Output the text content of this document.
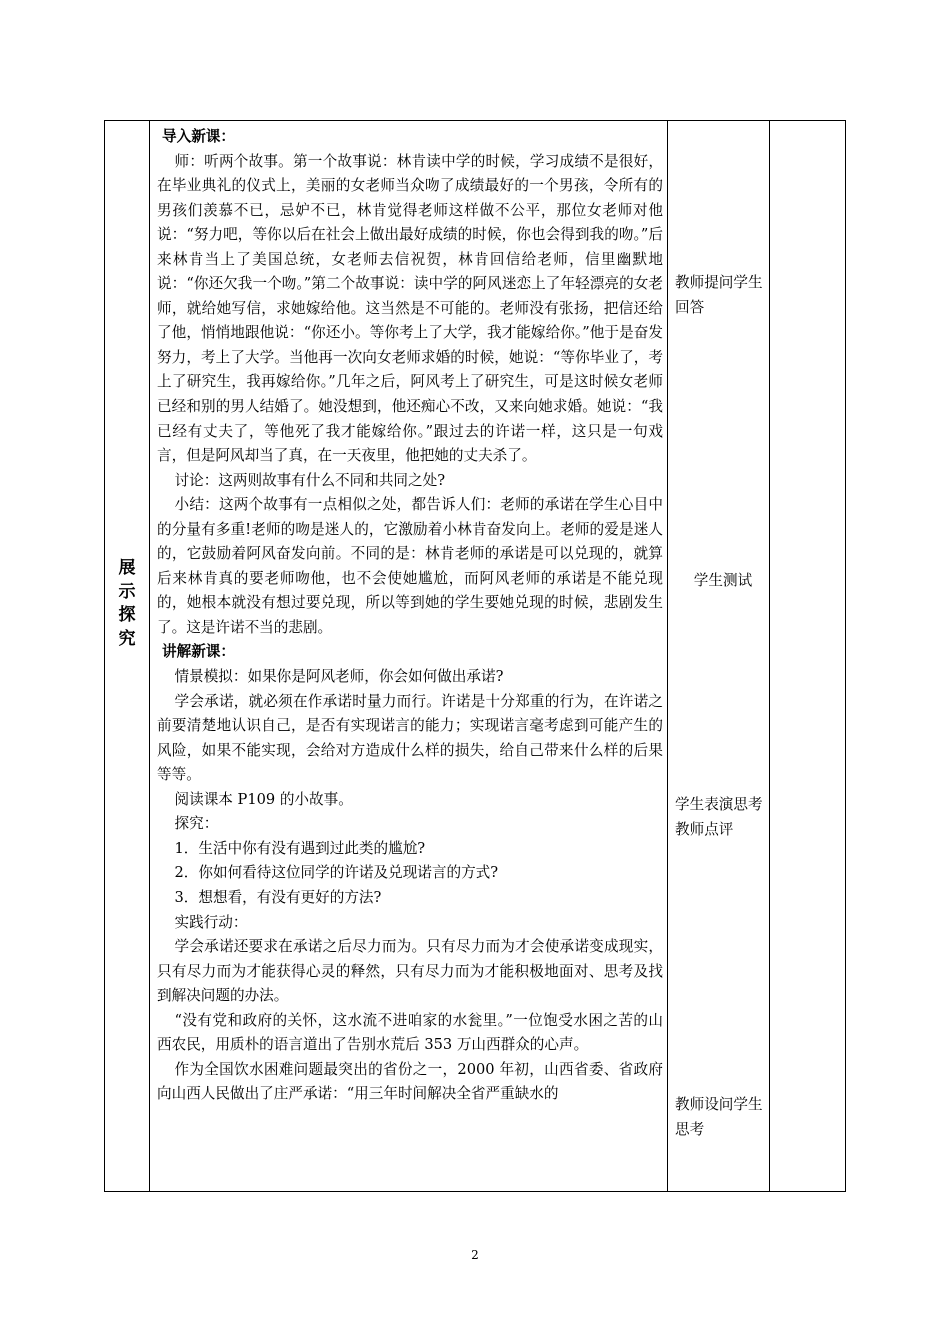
展
示
探
究

导入新课：

师：听两个故事。第一个故事说：林肯读中学的时候，学习成绩不是很好，在毕业典礼的仪式上，美丽的女老师当众吻了成绩最好的一个男孩，令所有的男孩们羡慕不已，忌妒不已，林肯觉得老师这样做不公平，那位女老师对他说：“努力吧，等你以后在社会上做出最好成绩的时候，你也会得到我的吻。”后来林肯当上了美国总统，女老师去信祝贺，林肯回信给老师，信里幽默地说：“你还欠我一个吻。”第二个故事说：读中学的阿风迷恋上了年轻漂亮的女老师，就给她写信，求她嫁给他。这当然是不可能的。老师没有张扬，把信还给了他，悄悄地跟他说：“你还小。等你考上了大学，我才能嫁给你。”他于是奋发努力，考上了大学。当他再一次向女老师求婚的时候，她说：“等你毕业了，考上了研究生，我再嫁给你。”几年之后，阿风考上了研究生，可是这时候女老师已经和别的男人结婚了。她没想到，他还痴心不改，又来向她求婚。她说：“我已经有丈夫了，等他死了我才能嫁给你。”跟过去的许诺一样，这只是一句戏言，但是阿风却当了真，在一天夜里，他把她的丈夫杀了。

讨论：这两则故事有什么不同和共同之处?

小结：这两个故事有一点相似之处，都告诉人们：老师的承诺在学生心目中的分量有多重!老师的吻是迷人的，它激励着小林肯奋发向上。老师的爱是迷人的，它鼓励着阿风奋发向前。不同的是：林肯老师的承诺是可以兑现的，就算后来林肯真的要老师吻他，也不会使她尴尬，而阿风老师的承诺是不能兑现的，她根本就没有想过要兑现，所以等到她的学生要她兑现的时候，悲剧发生了。这是许诺不当的悲剧。

讲解新课：

情景模拟：如果你是阿风老师，你会如何做出承诺?

学会承诺，就必须在作承诺时量力而行。许诺是十分郑重的行为，在许诺之前要清楚地认识自己，是否有实现诺言的能力；实现诺言毫考虑到可能产生的风险，如果不能实现，会给对方造成什么样的损失，给自己带来什么样的后果等等。

阅读课本 P109 的小故事。

探究：

1．生活中你有没有遇到过此类的尴尬?

2．你如何看待这位同学的许诺及兑现诺言的方式?

3．想想看，有没有更好的方法?

实践行动：

学会承诺还要求在承诺之后尽力而为。只有尽力而为才会使承诺变成现实，只有尽力而为才能获得心灵的释然，只有尽力而为才能积极地面对、思考及找到解决问题的办法。

“没有党和政府的关怀，这水流不进咱家的水瓮里。”一位饱受水困之苦的山西农民，用质朴的语言道出了告别水荒后 353 万山西群众的心声。

作为全国饮水困难问题最突出的省份之一，2000 年初，山西省委、省政府向山西人民做出了庄严承诺：“用三年时间解决全省严重缺水的

教师提问学生回答
学生测试
学生表演思考教师点评
教师设问学生思考
2
